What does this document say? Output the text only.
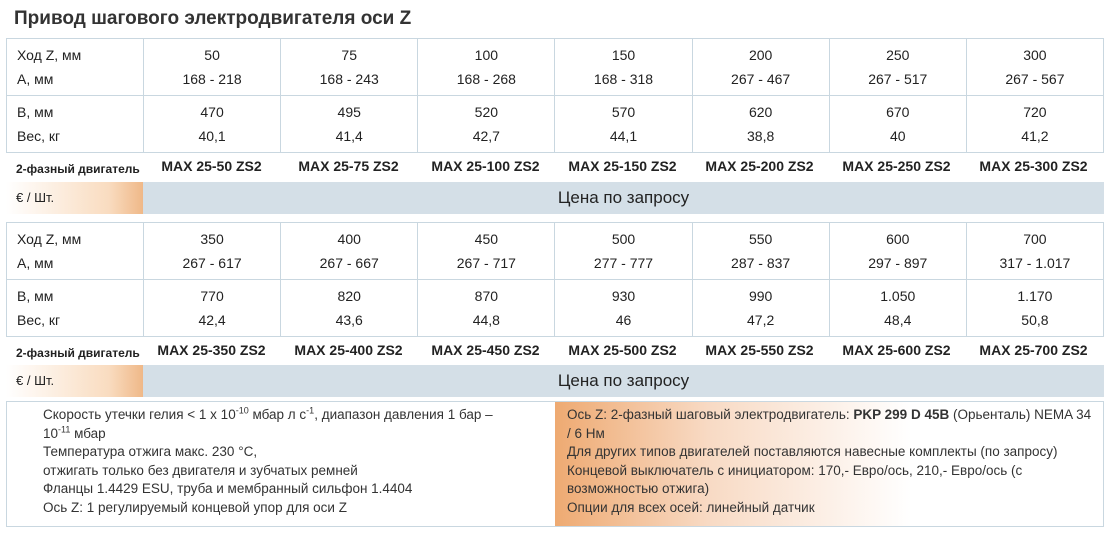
Привод шагового электродвигателя оси Z
Ход Z, мм	50	75	100	150	200	250	300
A, мм	168 - 218	168 - 243	168 - 268	168 - 318	267 - 467	267 - 517	267 - 567
B, мм	470	495	520	570	620	670	720
Вес, кг	40,1	41,4	42,7	44,1	38,8	40	41,2
2-фазный двигатель	MAX 25-50 ZS2	MAX 25-75 ZS2	MAX 25-100 ZS2	MAX 25-150 ZS2	MAX 25-200 ZS2	MAX 25-250 ZS2	MAX 25-300 ZS2
€ / Шт.	Цена по запросу
Ход Z, мм	350	400	450	500	550	600	700
A, мм	267 - 617	267 - 667	267 - 717	277 - 777	287 - 837	297 - 897	317 - 1.017
B, мм	770	820	870	930	990	1.050	1.170
Вес, кг	42,4	43,6	44,8	46	47,2	48,4	50,8
2-фазный двигатель	MAX 25-350 ZS2	MAX 25-400 ZS2	MAX 25-450 ZS2	MAX 25-500 ZS2	MAX 25-550 ZS2	MAX 25-600 ZS2	MAX 25-700 ZS2
€ / Шт.	Цена по запросу

Скорость утечки гелия < 1 x $10^{-10}$ мбар л $с^{-1}$, диапазон давления 1 бар –

$10^{-11}$ мбар

Температура отжига макс. 230 °C,

отжигать только без двигателя и зубчатых ремней

Фланцы 1.4429 ESU, труба и мембранный сильфон 1.4404

Ось Z: 1 регулируемый концевой упор для оси Z

Ось Z: 2-фазный шаговый электродвигатель: PKP 299 D 45B (Орьенталь) NEMA 34 / 6 Нм

Для других типов двигателей поставляются навесные комплекты (по запросу)

Концевой выключатель с инициатором: 170,- Евро/ось, 210,- Евро/ось (с возможностью отжига)

Опции для всех осей: линейный датчик
